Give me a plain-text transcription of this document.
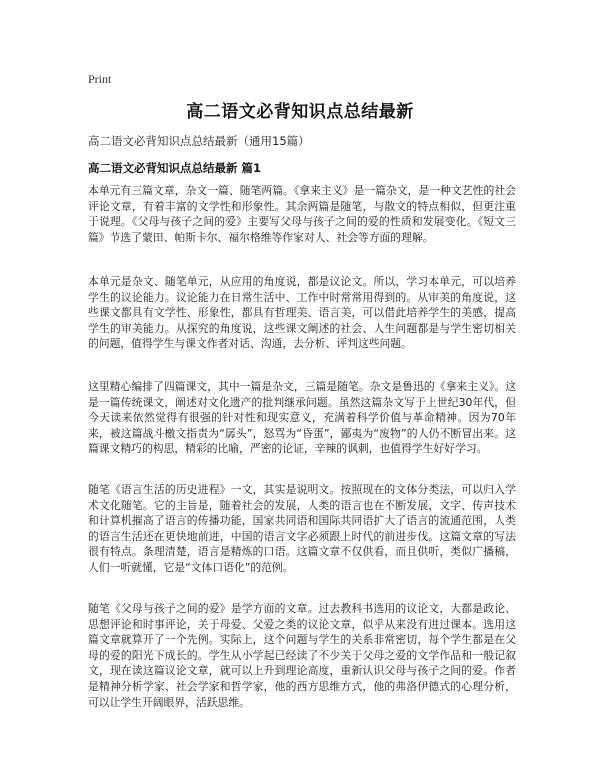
Print
高二语文必背知识点总结最新
高二语文必背知识点总结最新（通用15篇）
高二语文必背知识点总结最新 篇1

本单元有三篇文章，杂文一篇、随笔两篇。《拿来主义》是一篇杂文，是一种文艺性的社会评论文章，有着丰富的文学性和形象性。其余两篇是随笔，与散文的特点相似，但更注重于说理。《父母与孩子之间的爱》主要写父母与孩子之间的爱的性质和发展变化。《短文三篇》节选了蒙田、帕斯卡尔、福尔格维等作家对人、社会等方面的理解。

本单元是杂文、随笔单元，从应用的角度说，都是议论文。所以，学习本单元，可以培养学生的议论能力。议论能力在日常生活中、工作中时常常用得到的。从审美的角度说，这些课文都具有文学性、形象性，都具有哲理美、语言美，可以借此培养学生的美感，提高学生的审美能力。从探究的角度说，这些课文阐述的社会、人生问题都是与学生密切相关的问题，值得学生与课文作者对话、沟通，去分析、评判这些问题。

这里精心编排了四篇课文，其中一篇是杂文，三篇是随笔。杂文是鲁迅的《拿来主义》。这是一篇传统课文，阐述对文化遗产的批判继承问题。虽然这篇杂文写于上世纪30年代，但今天读来依然觉得有很强的针对性和现实意义，充满着科学价值与革命精神。因为70年来，被这篇战斗檄文指责为“孱头”，怒骂为“昏蛋”，鄙夷为“废物”的人仍不断冒出来。这篇课文精巧的构思，精彩的比喻，严密的论证，辛辣的讽刺，也值得学生好好学习。

随笔《语言生活的历史进程》一文，其实是说明文。按照现在的文体分类法，可以归入学术文化随笔。它的主旨是，随着社会的发展，人类的语言也在不断发展，文字、传声技术和计算机摧高了语言的传播功能，国家共同语和国际共同语扩大了语言的流通范围，人类的语言生活还在更快地前进，中国的语言文字必须跟上时代的前进步伐。这篇文章的写法很有特点。条理清楚，语言是精炼的口语。这篇文章不仅供看，而且供听，类似广播稿，人们一听就懂，它是“文体口语化”的范例。

随笔《父母与孩子之间的爱》是学方面的文章。过去教科书选用的议论文，大都是政论、思想评论和时事评论，关于母爱、父爱之类的议论文章，似乎从来没有进过课本。选用这篇文章就算开了一个先例。实际上，这个问题与学生的关系非常密切，每个学生都是在父母的爱的阳光下成长的。学生从小学起已经读了不少关于父母之爱的文学作品和一般记叙文，现在读这篇议论文章，就可以上升到理论高度，重新认识父母与孩子之间的爱。作者是精神分析学家、社会学家和哲学家，他的西方思维方式，他的弗洛伊德式的心理分析，可以让学生开阔眼界，活跃思维。
